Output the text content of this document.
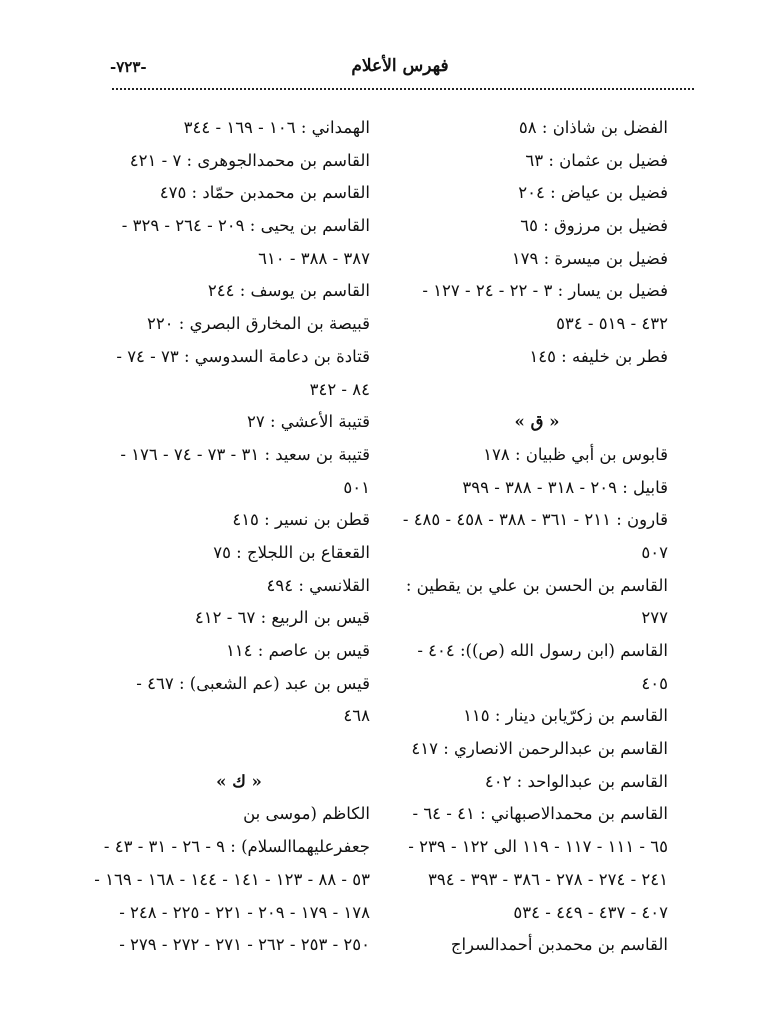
فهرس الأعلام
-٧٢٣-
الفضل بن شاذان : ٥٨
فضيل بن عثمان : ٦٣
فضيل بن عياض : ٢٠٤
فضيل بن مرزوق : ٦٥
فضيل بن ميسرة : ١٧٩
فضيل بن يسار : ٣ - ٢٢ - ٢٤ - ١٢٧ -
٤٣٢ - ٥١٩ - ٥٣٤
فطر بن خليفه : ١٤٥
« ق »
قابوس بن أبي ظبيان : ١٧٨
قابيل : ٢٠٩ - ٣١٨ - ٣٨٨ - ٣٩٩
قارون : ٢١١ - ٣٦١ - ٣٨٨ - ٤٥٨ - ٤٨٥ -
٥٠٧
القاسم بن الحسن بن علي بن يقطين :
٢٧٧
القاسم (ابن رسول الله (ص)): ٤٠٤ -
٤٠٥
القاسم بن زكرّيابن دينار : ١١٥
القاسم بن عبدالرحمن الانصاري : ٤١٧
القاسم بن عبدالواحد : ٤٠٢
القاسم بن محمدالاصبهاني : ٤١ - ٦٤ -
٦٥ - ١١١ - ١١٧ - ١١٩ الى ١٢٢ - ٢٣٩ -
٢٤١ - ٢٧٤ - ٢٧٨ - ٣٨٦ - ٣٩٣ - ٣٩٤
٤٠٧ - ٤٣٧ - ٤٤٩ - ٥٣٤
القاسم بن محمدبن أحمدالسراج
الهمداني : ١٠٦ - ١٦٩ - ٣٤٤
القاسم بن محمدالجوهرى : ٧ - ٤٢١
القاسم بن محمدبن حمّاد : ٤٧٥
القاسم بن يحيى : ٢٠٩ - ٢٦٤ - ٣٢٩ -
٣٨٧ - ٣٨٨ - ٦١٠
القاسم بن يوسف : ٢٤٤
قبيصة بن المخارق البصري : ٢٢٠
قتادة بن دعامة السدوسي : ٧٣ - ٧٤ -
٨٤ - ٣٤٢
قتيبة الأعشي : ٢٧
قتيبة بن سعيد : ٣١ - ٧٣ - ٧٤ - ١٧٦ -
٥٠١
قطن بن نسير : ٤١٥
القعقاع بن اللجلاج : ٧٥
القلانسي : ٤٩٤
قيس بن الربيع : ٦٧ - ٤١٢
قيس بن عاصم : ١١٤
قيس بن عبد (عم الشعبى) : ٤٦٧ -
٤٦٨
« ك »
الكاظم (موسى بن
جعفرعليهماالسلام) : ٩ - ٢٦ - ٣١ - ٤٣ -
٥٣ - ٨٨ - ١٢٣ - ١٤١ - ١٤٤ - ١٦٨ - ١٦٩ -
١٧٨ - ١٧٩ - ٢٠٩ - ٢٢١ - ٢٢٥ - ٢٤٨ -
٢٥٠ - ٢٥٣ - ٢٦٢ - ٢٧١ - ٢٧٢ - ٢٧٩ -
